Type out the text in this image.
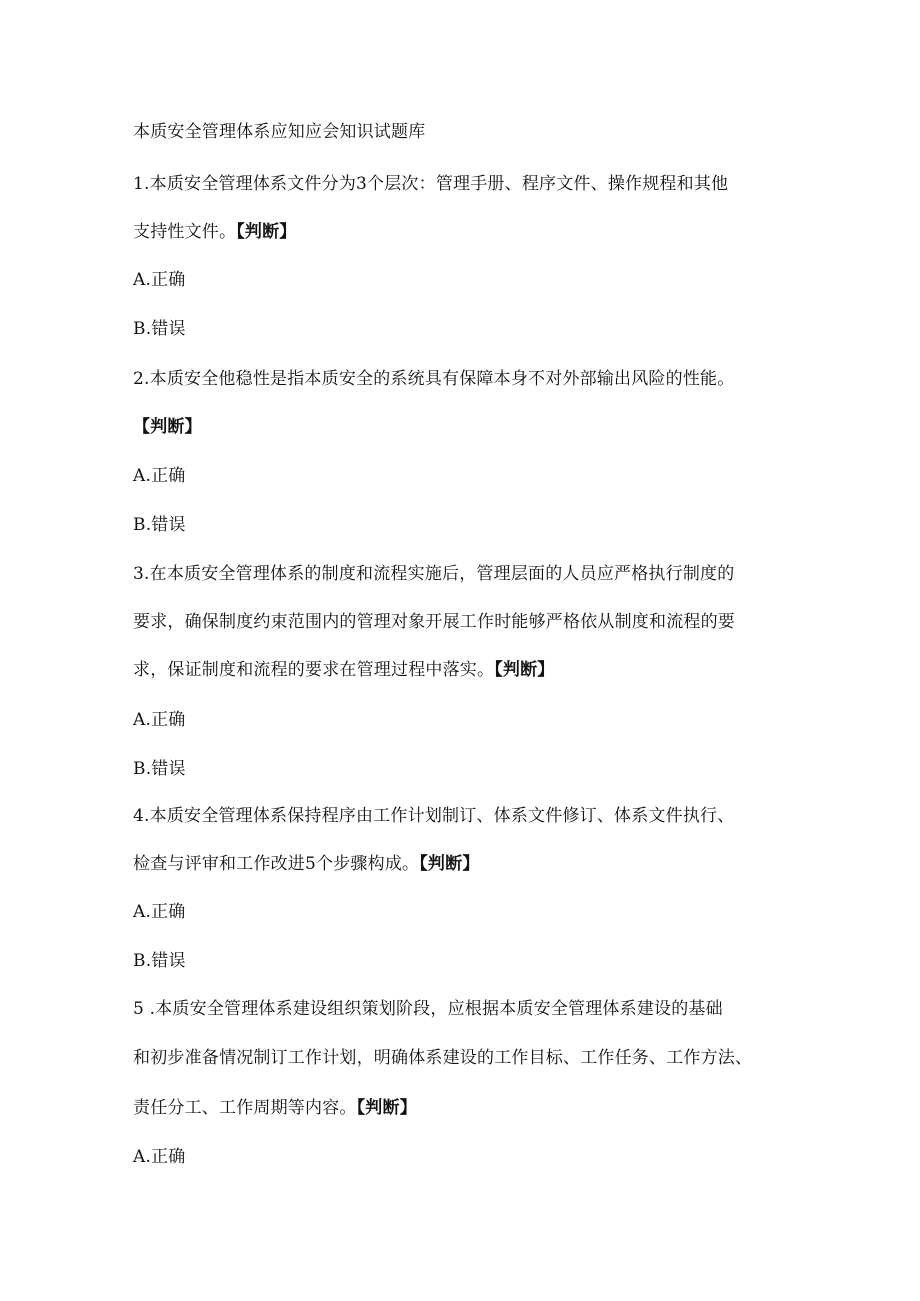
本质安全管理体系应知应会知识试题库
1.本质安全管理体系文件分为3个层次：管理手册、程序文件、操作规程和其他
支持性文件。【判断】
A.正确
B.错误
2.本质安全他稳性是指本质安全的系统具有保障本身不对外部输出风险的性能。
【判断】
A.正确
B.错误
3.在本质安全管理体系的制度和流程实施后，管理层面的人员应严格执行制度的
要求，确保制度约束范围内的管理对象开展工作时能够严格依从制度和流程的要
求，保证制度和流程的要求在管理过程中落实。【判断】
A.正确
B.错误
4.本质安全管理体系保持程序由工作计划制订、体系文件修订、体系文件执行、
检查与评审和工作改进5个步骤构成。【判断】
A.正确
B.错误
5 .本质安全管理体系建设组织策划阶段，应根据本质安全管理体系建设的基础
和初步准备情况制订工作计划，明确体系建设的工作目标、工作任务、工作方法、
责任分工、工作周期等内容。【判断】
A.正确
